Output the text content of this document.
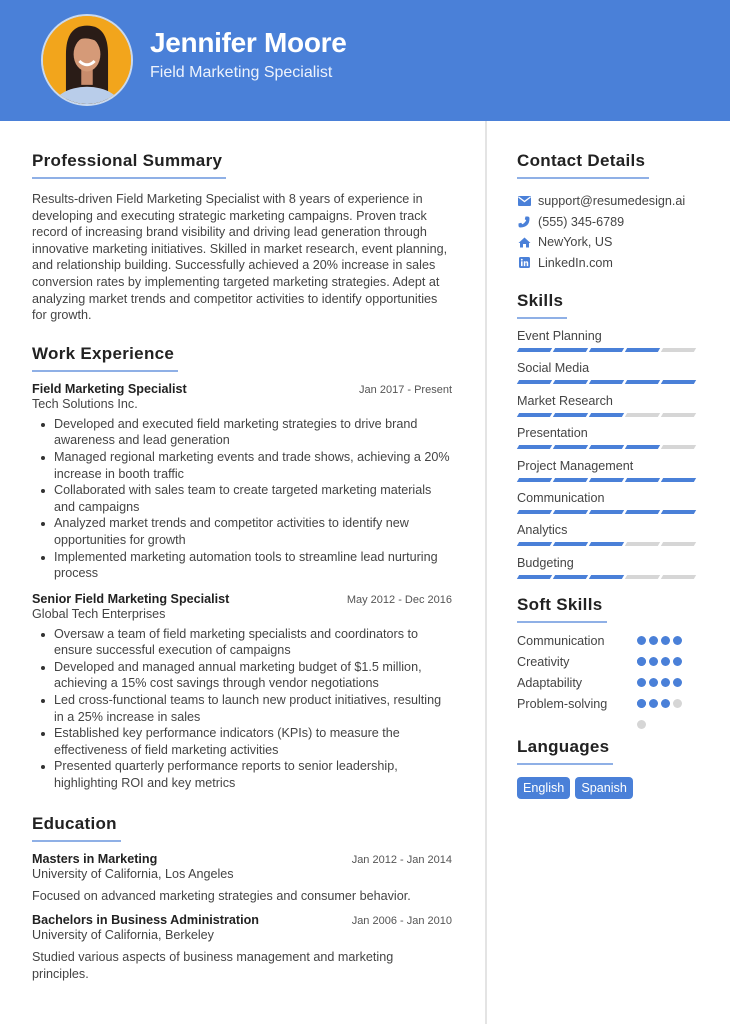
Jennifer Moore
Field Marketing Specialist
Professional Summary

Results-driven Field Marketing Specialist with 8 years of experience in developing and executing strategic marketing campaigns. Proven track record of increasing brand visibility and driving lead generation through innovative marketing initiatives. Skilled in market research, event planning, and relationship building. Successfully achieved a 20% increase in sales conversion rates by implementing targeted marketing strategies. Adept at analyzing market trends and competitor activities to identify opportunities for growth.

Work Experience
Field Marketing Specialist	Jan 2017 - Present
Tech Solutions Inc.
Developed and executed field marketing strategies to drive brand awareness and lead generation
Managed regional marketing events and trade shows, achieving a 20% increase in booth traffic
Collaborated with sales team to create targeted marketing materials and campaigns
Analyzed market trends and competitor activities to identify new opportunities for growth
Implemented marketing automation tools to streamline lead nurturing process
Senior Field Marketing Specialist	May 2012 - Dec 2016
Global Tech Enterprises
Oversaw a team of field marketing specialists and coordinators to ensure successful execution of campaigns
Developed and managed annual marketing budget of $1.5 million, achieving a 15% cost savings through vendor negotiations
Led cross-functional teams to launch new product initiatives, resulting in a 25% increase in sales
Established key performance indicators (KPIs) to measure the effectiveness of field marketing activities
Presented quarterly performance reports to senior leadership, highlighting ROI and key metrics
Education
Masters in Marketing	Jan 2012 - Jan 2014
University of California, Los Angeles
Focused on advanced marketing strategies and consumer behavior.
Bachelors in Business Administration	Jan 2006 - Jan 2010
University of California, Berkeley
Studied various aspects of business management and marketing principles.
Contact Details
support@resumedesign.ai
(555) 345-6789
NewYork, US
LinkedIn.com
Skills
Event Planning
Social Media
Market Research
Presentation
Project Management
Communication
Analytics
Budgeting
Soft Skills
Communication
Creativity
Adaptability
Problem-solving
Languages
English	Spanish
